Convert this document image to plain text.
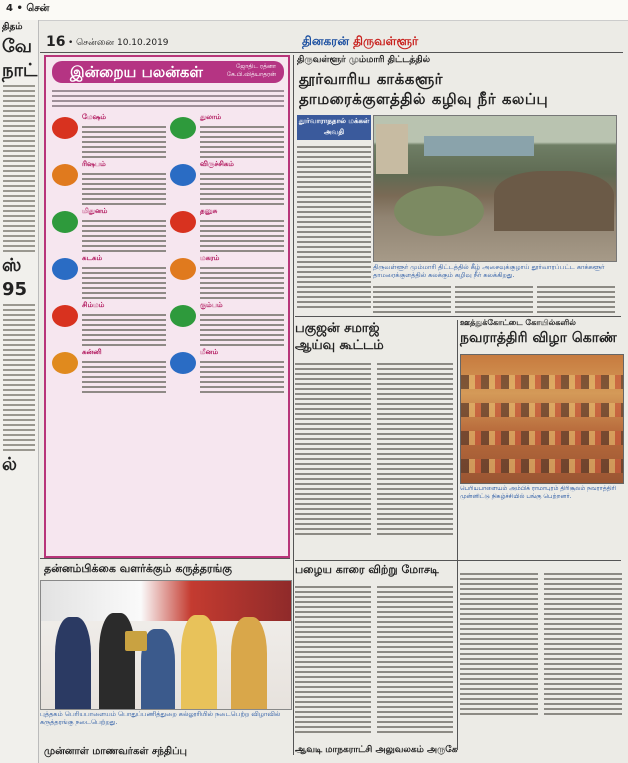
4 • சென்
திதம்
வே
நாட்
ஸ்
95
ல்
16 • சென்னை 10.10.2019	தினகரன் திருவள்ளூர்
இன்றைய பலன்கள்	ஜோதிட ரத்னா கே.பி.வித்யாதரன்
மேஷம்
ரிஷபம்
மிதுனம்
கடகம்
சிம்மம்
கன்னி
துலாம்
விருச்சிகம்
தனுசு
மகரம்
கும்பம்
மீனம்
திருவள்ளூர் மும்மாரி திட்டத்தில்
தூர்வாரிய காக்களூர்
தாமரைக்குளத்தில் கழிவு நீர் கலப்பு
தூர்வாராததால் மக்கள் அவதி
திருவள்ளூர் மும்மாரி திட்டத்தில் கீழ் அசைவுக்குழாய் தூர்வாரப்பட்ட காக்களூர் தாமரைக்குளத்தில் கலக்கும் கழிவு நீர் கலக்கிறது.
பகுஜன் சமாஜ்
ஆய்வு கூட்டம்
ஊத்துக்கோட்டை கோயில்களில்
நவராத்திரி விழா கொண்
பெரியபாளையம் அம்பிக் ராமாபுரம் திரிசூலம் நவராத்திரி முன்னிட்டு நிகழ்ச்சியில் பங்கு பெற்றனர்.
தன்னம்பிக்கை வளர்க்கும் கருத்தரங்கு
புத்தகம் பெரியபாளையம் பொதுப்பணித்துறை கல்லூரியில் நடைபெற்ற விழாவில் கருத்தரங்கு நடைபெற்றது.
முன்னாள் மாணவர்கள் சந்திப்பு
பழைய காரை விற்று மோசடி
ஆவடி மாநகராட்சி அலுவலகம் அருகே
